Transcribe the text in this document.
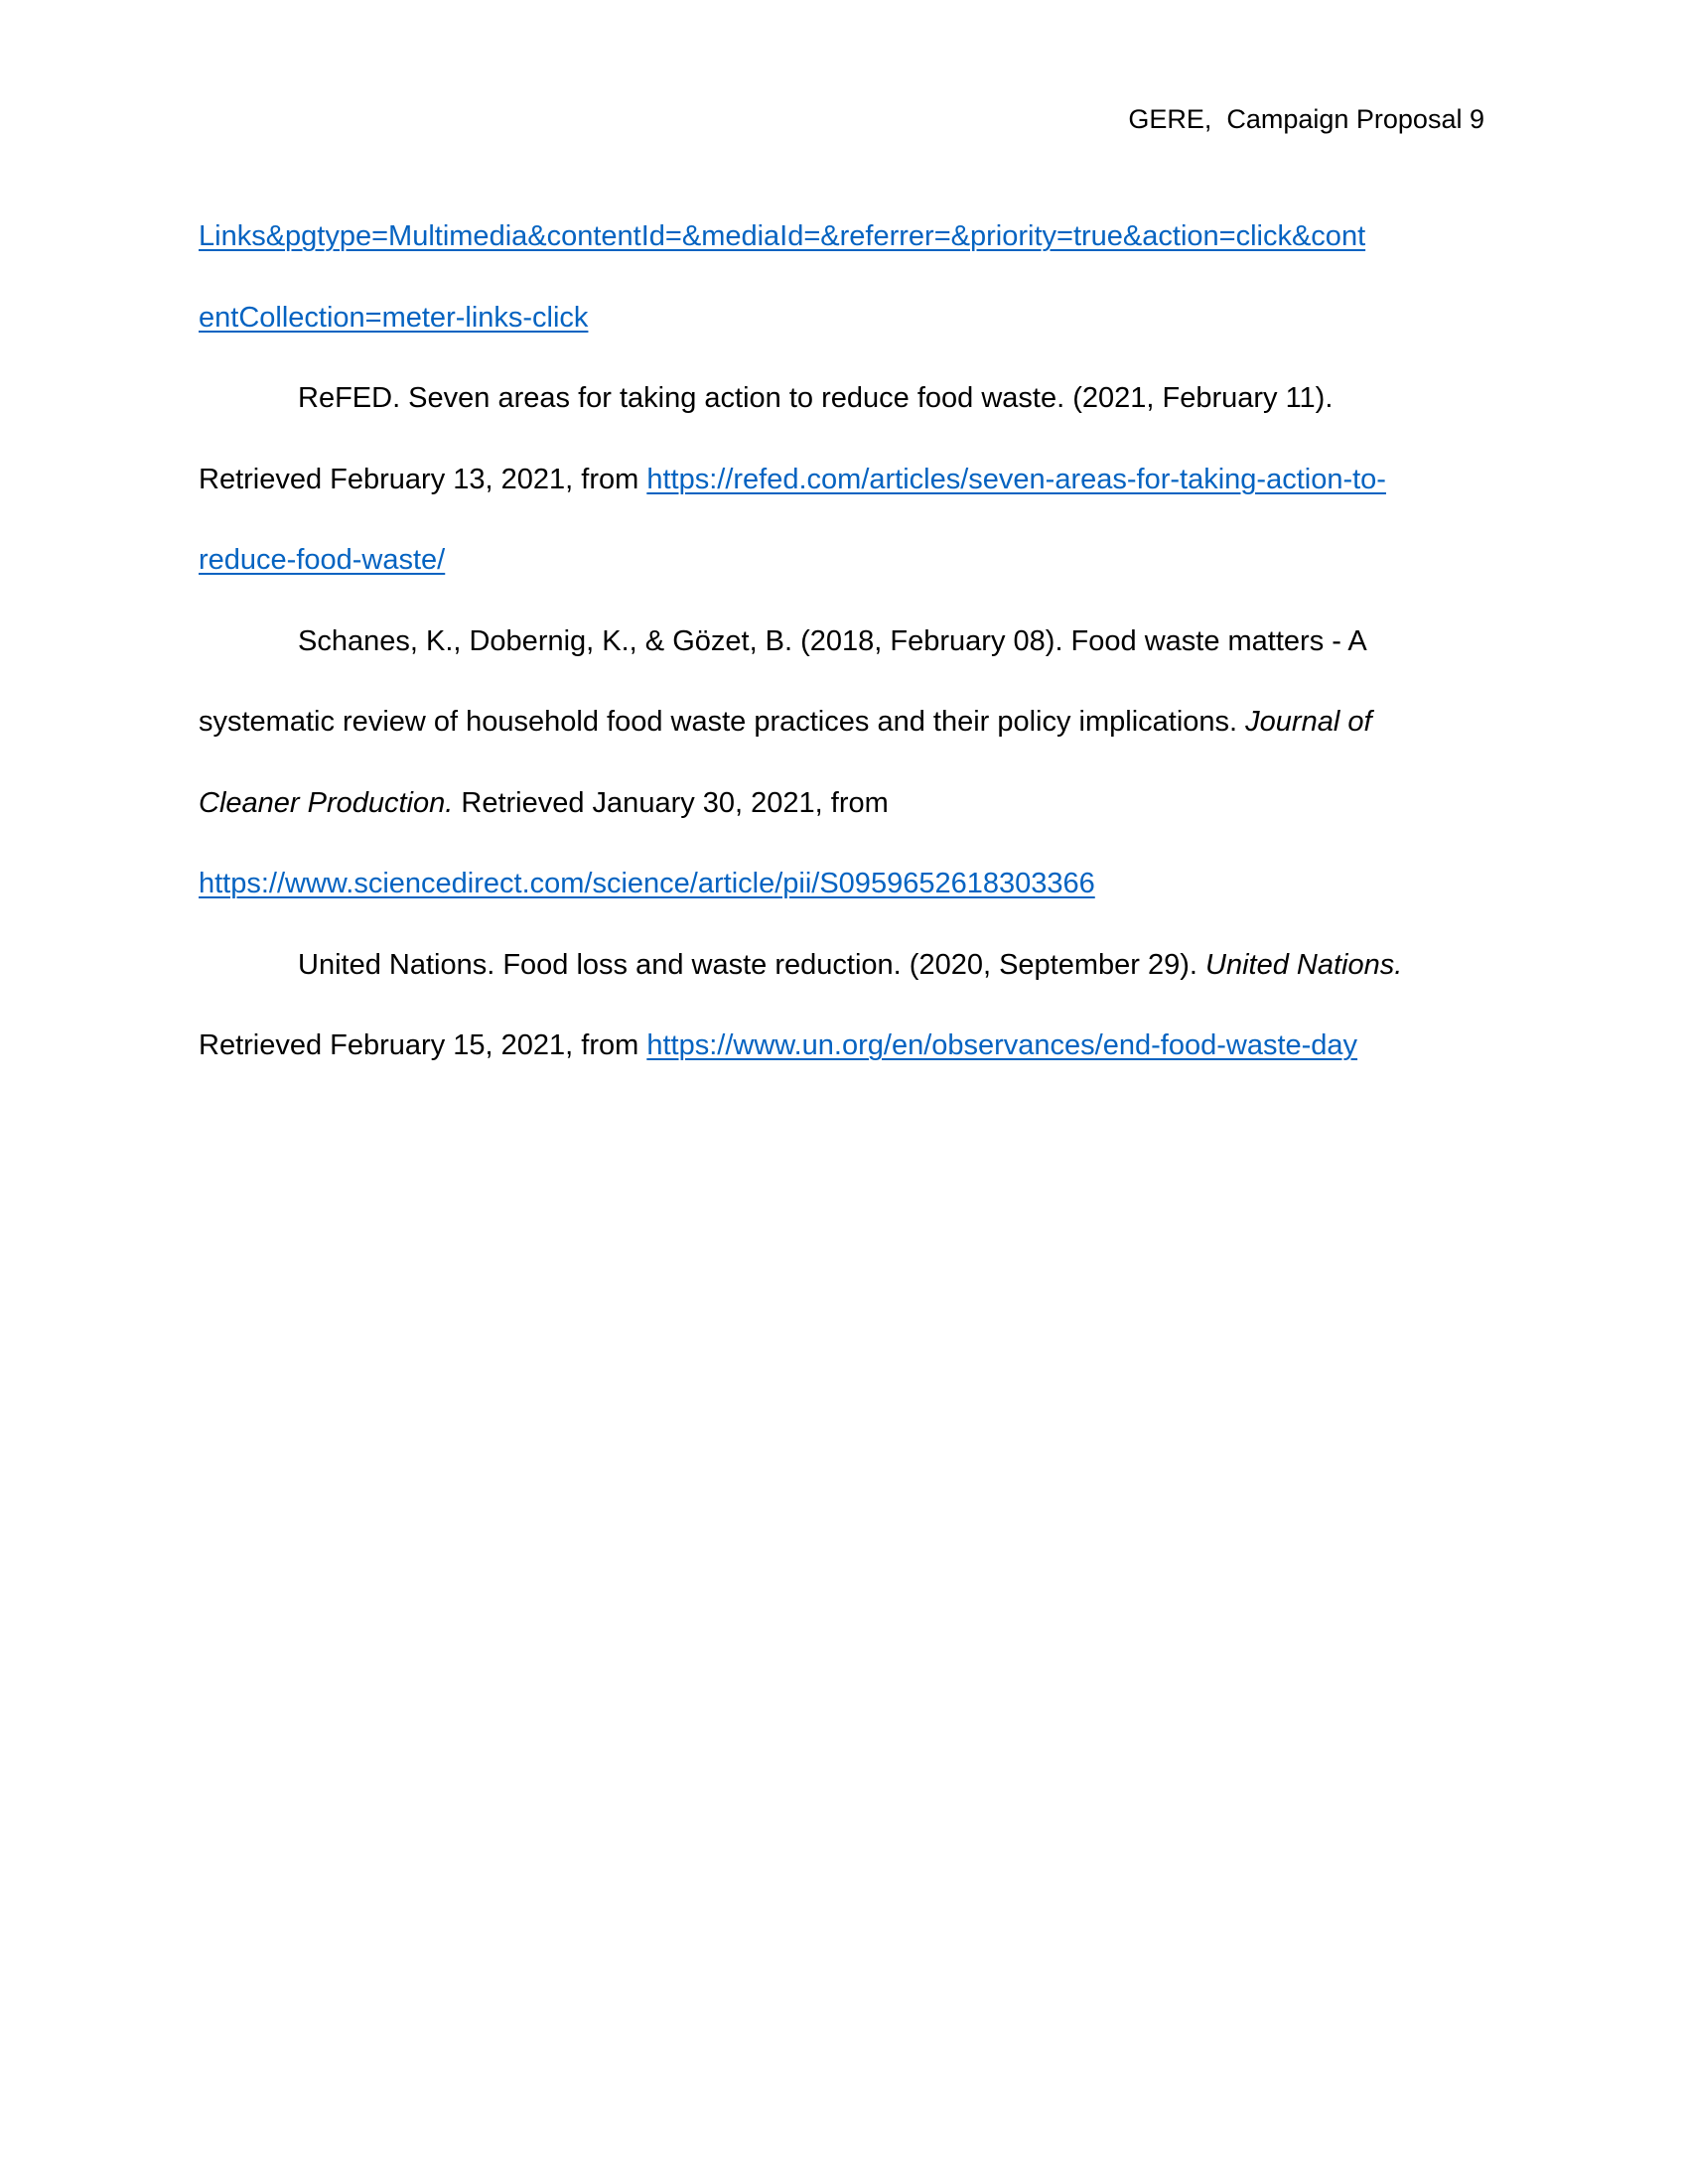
GERE,  Campaign Proposal 9
Links&pgtype=Multimedia&contentId=&mediaId=&referrer=&priority=true&action=click&cont
entCollection=meter-links-click
ReFED. Seven areas for taking action to reduce food waste. (2021, February 11).
Retrieved February 13, 2021, from https://refed.com/articles/seven-areas-for-taking-action-to-
reduce-food-waste/
Schanes, K., Dobernig, K., & Gözet, B. (2018, February 08). Food waste matters - A
systematic review of household food waste practices and their policy implications. Journal of
Cleaner Production. Retrieved January 30, 2021, from
https://www.sciencedirect.com/science/article/pii/S0959652618303366
United Nations. Food loss and waste reduction. (2020, September 29). United Nations.
Retrieved February 15, 2021, from https://www.un.org/en/observances/end-food-waste-day
